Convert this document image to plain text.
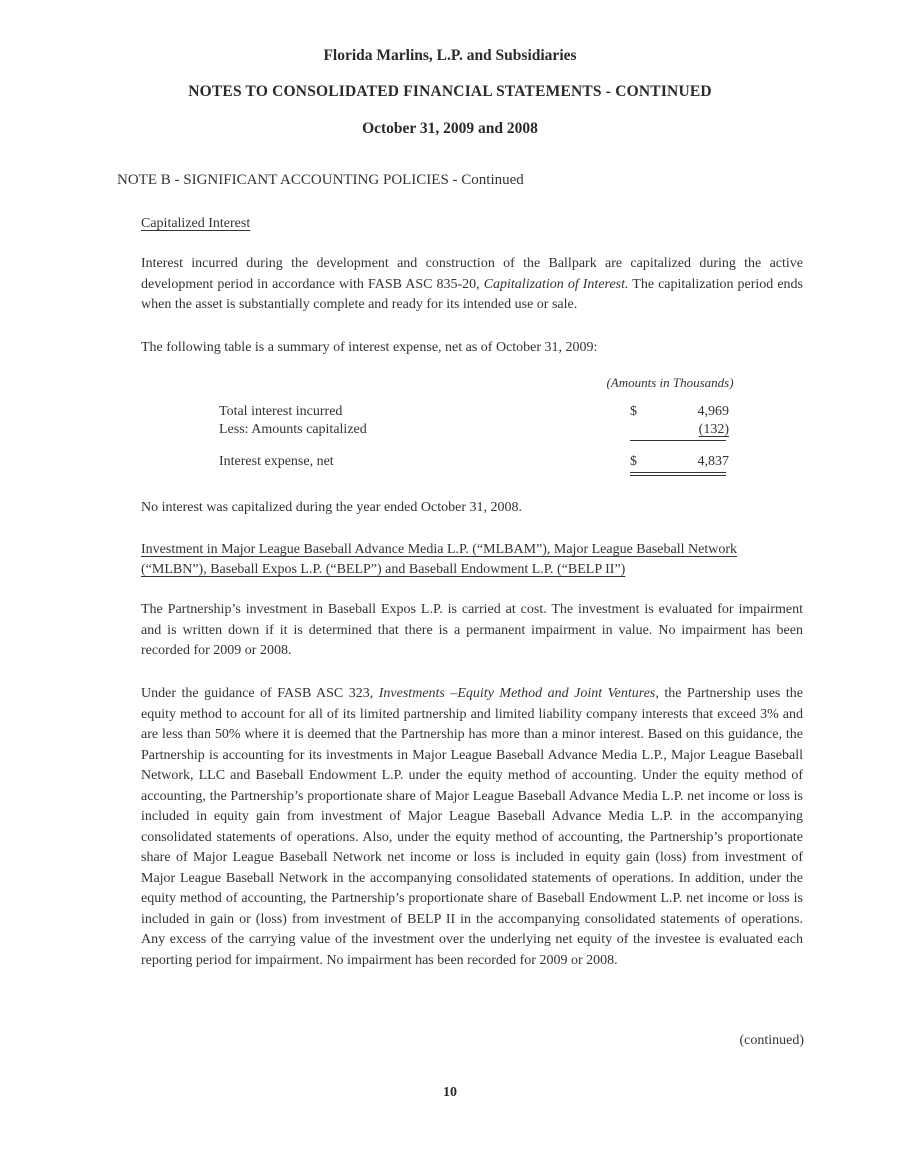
Florida Marlins, L.P. and Subsidiaries
NOTES TO CONSOLIDATED FINANCIAL STATEMENTS - CONTINUED
October 31, 2009 and 2008
NOTE B - SIGNIFICANT ACCOUNTING POLICIES - Continued
Capitalized Interest
Interest incurred during the development and construction of the Ballpark are capitalized during the active development period in accordance with FASB ASC 835-20, Capitalization of Interest. The capitalization period ends when the asset is substantially complete and ready for its intended use or sale.
The following table is a summary of interest expense, net as of October 31, 2009:
(Amounts in Thousands)
Total interest incurred	$	4,969
Less: Amounts capitalized	(132)
Interest expense, net	$	4,837
No interest was capitalized during the year ended October 31, 2008.
Investment in Major League Baseball Advance Media L.P. (“MLBAM”), Major League Baseball Network (“MLBN”), Baseball Expos L.P. (“BELP”) and Baseball Endowment L.P. (“BELP II”)
The Partnership’s investment in Baseball Expos L.P. is carried at cost. The investment is evaluated for impairment and is written down if it is determined that there is a permanent impairment in value. No impairment has been recorded for 2009 or 2008.
Under the guidance of FASB ASC 323, Investments –Equity Method and Joint Ventures, the Partnership uses the equity method to account for all of its limited partnership and limited liability company interests that exceed 3% and are less than 50% where it is deemed that the Partnership has more than a minor interest. Based on this guidance, the Partnership is accounting for its investments in Major League Baseball Advance Media L.P., Major League Baseball Network, LLC and Baseball Endowment L.P. under the equity method of accounting. Under the equity method of accounting, the Partnership’s proportionate share of Major League Baseball Advance Media L.P. net income or loss is included in equity gain from investment of Major League Baseball Advance Media L.P. in the accompanying consolidated statements of operations. Also, under the equity method of accounting, the Partnership’s proportionate share of Major League Baseball Network net income or loss is included in equity gain (loss) from investment of Major League Baseball Network in the accompanying consolidated statements of operations. In addition, under the equity method of accounting, the Partnership’s proportionate share of Baseball Endowment L.P. net income or loss is included in gain or (loss) from investment of BELP II in the accompanying consolidated statements of operations. Any excess of the carrying value of the investment over the underlying net equity of the investee is evaluated each reporting period for impairment. No impairment has been recorded for 2009 or 2008.
(continued)
10
